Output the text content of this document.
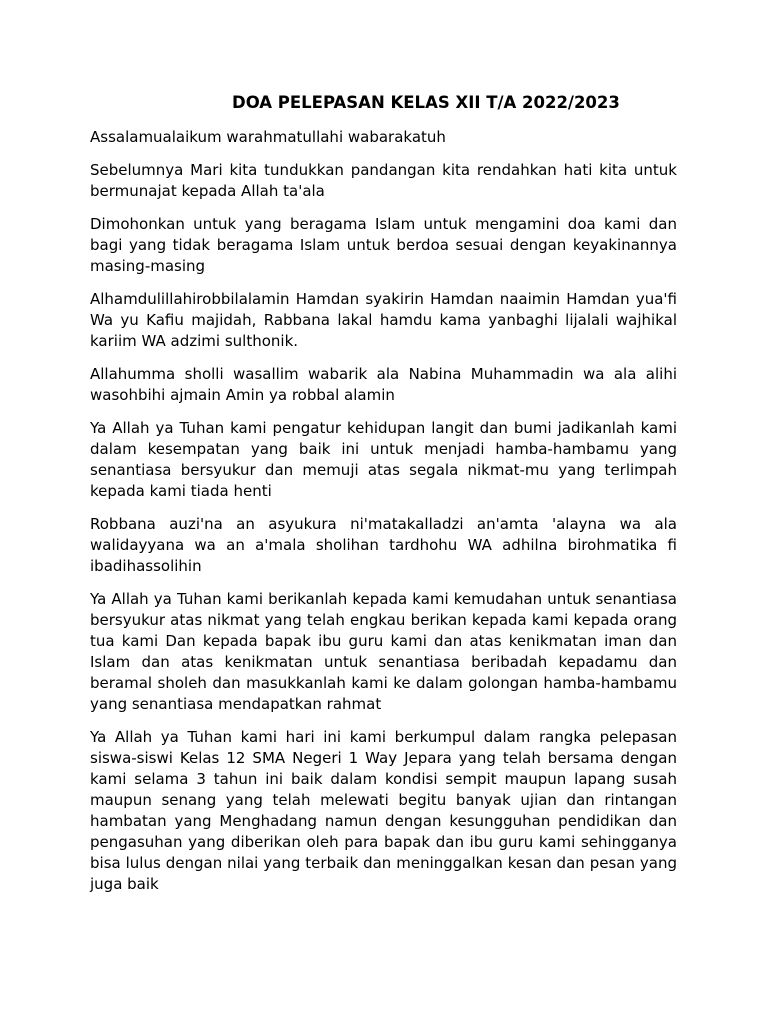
DOA PELEPASAN KELAS XII T/A 2022/2023

Assalamualaikum warahmatullahi wabarakatuh

Sebelumnya Mari kita tundukkan pandangan kita rendahkan hati kita untuk bermunajat kepada Allah ta'ala

Dimohonkan untuk yang beragama Islam untuk mengamini doa kami dan bagi yang tidak beragama Islam untuk berdoa sesuai dengan keyakinannya masing-masing

Alhamdulillahirobbilalamin Hamdan syakirin Hamdan naaimin Hamdan yua'fi Wa yu Kafiu majidah, Rabbana lakal hamdu kama yanbaghi lijalali wajhikal kariim WA adzimi sulthonik.

Allahumma sholli wasallim wabarik ala Nabina Muhammadin wa ala alihi wasohbihi ajmain Amin ya robbal alamin

Ya Allah ya Tuhan kami pengatur kehidupan langit dan bumi jadikanlah kami dalam kesempatan yang baik ini untuk menjadi hamba-hambamu yang senantiasa bersyukur dan memuji atas segala nikmat-mu yang terlimpah kepada kami tiada henti

Robbana auzi'na an asyukura ni'matakalladzi an'amta 'alayna wa ala walidayyana wa an a'mala sholihan tardhohu WA adhilna birohmatika fi ibadihassolihin

Ya Allah ya Tuhan kami berikanlah kepada kami kemudahan untuk senantiasa bersyukur atas nikmat yang telah engkau berikan kepada kami kepada orang tua kami Dan kepada bapak ibu guru kami dan atas kenikmatan iman dan Islam dan atas kenikmatan untuk senantiasa beribadah kepadamu dan beramal sholeh dan masukkanlah kami ke dalam golongan hamba-hambamu yang senantiasa mendapatkan rahmat

Ya Allah ya Tuhan kami hari ini kami berkumpul dalam rangka pelepasan siswa-siswi Kelas 12 SMA Negeri 1 Way Jepara yang telah bersama dengan kami selama 3 tahun ini baik dalam kondisi sempit maupun lapang susah maupun senang yang telah melewati begitu banyak ujian dan rintangan hambatan yang Menghadang namun dengan kesungguhan pendidikan dan pengasuhan yang diberikan oleh para bapak dan ibu guru kami sehingganya bisa lulus dengan nilai yang terbaik dan meninggalkan kesan dan pesan yang juga baik
